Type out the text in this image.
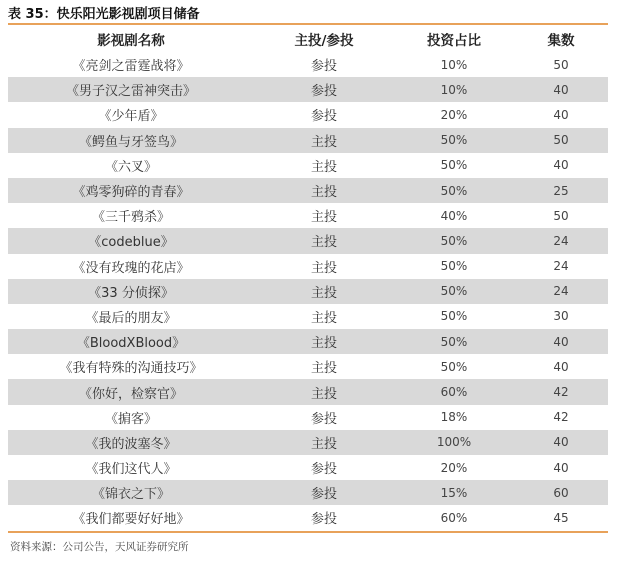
表 35：快乐阳光影视剧项目储备
影视剧名称	主投/参投	投资占比	集数
《亮剑之雷霆战将》	参投	10%	50
《男子汉之雷神突击》	参投	10%	40
《少年盾》	参投	20%	40
《鳄鱼与牙签鸟》	主投	50%	50
《六叉》	主投	50%	40
《鸡零狗碎的青春》	主投	50%	25
《三千鸦杀》	主投	40%	50
《codeblue》	主投	50%	24
《没有玫瑰的花店》	主投	50%	24
《33 分侦探》	主投	50%	24
《最后的朋友》	主投	50%	30
《BloodXBlood》	主投	50%	40
《我有特殊的沟通技巧》	主投	50%	40
《你好，检察官》	主投	60%	42
《掮客》	参投	18%	42
《我的波塞冬》	主投	100%	40
《我们这代人》	参投	20%	40
《锦衣之下》	参投	15%	60
《我们都要好好地》	参投	60%	45
资料来源：公司公告，天风证券研究所
